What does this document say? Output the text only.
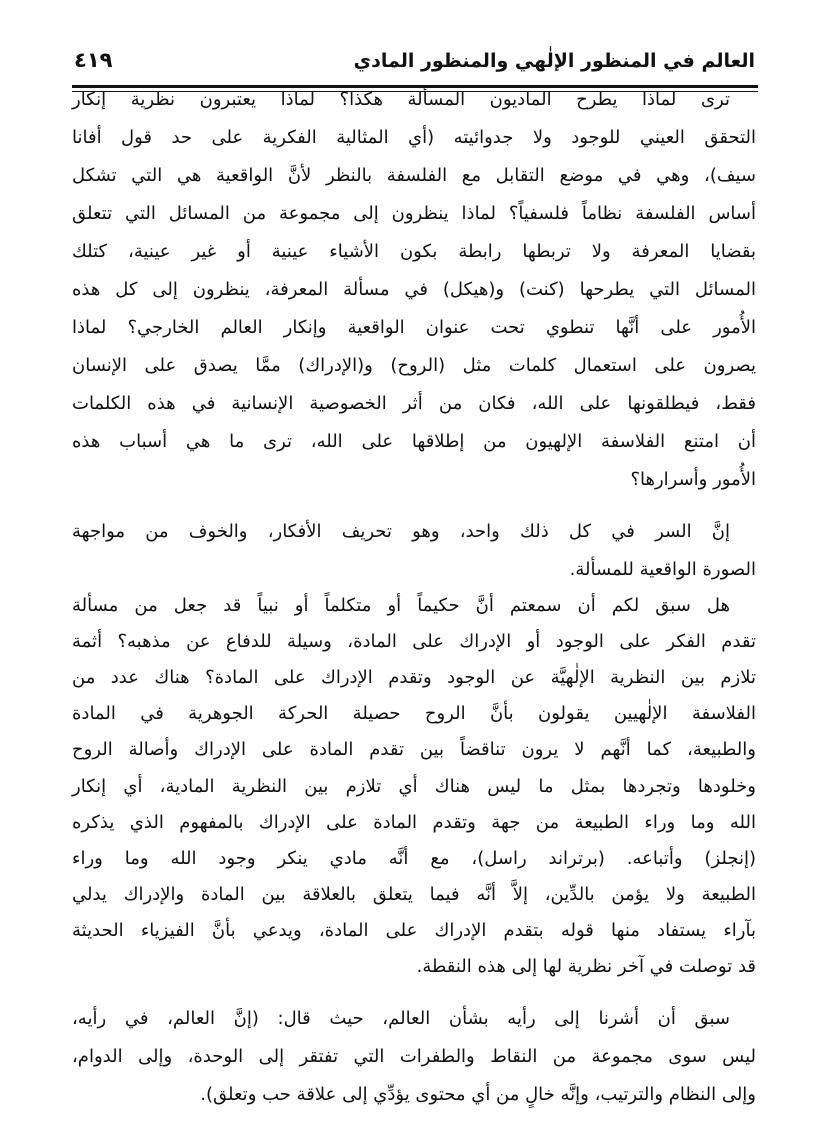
العالم في المنظور الإلٰهي والمنظور المادي
٤١٩
ترى لماذا يطرح الماديون المسألة هكذا؟ لماذا يعتبرون نظرية إنكار
التحقق العيني للوجود ولا جدوائيته (أي المثالية الفكرية على حد قول أفانا
سيف)، وهي في موضع التقابل مع الفلسفة بالنظر لأنَّ الواقعية هي التي تشكل
أساس الفلسفة نظاماً فلسفياً؟ لماذا ينظرون إلى مجموعة من المسائل التي تتعلق
بقضايا المعرفة ولا تربطها رابطة بكون الأشياء عينية أو غير عينية، كتلك
المسائل التي يطرحها (كنت) و(هيكل) في مسألة المعرفة، ينظرون إلى كل هذه
الأُمور على أنَّها تنطوي تحت عنوان الواقعية وإنكار العالم الخارجي؟ لماذا
يصرون على استعمال كلمات مثل (الروح) و(الإدراك) ممَّا يصدق على الإنسان
فقط، فيطلقونها على الله، فكان من أثر الخصوصية الإنسانية في هذه الكلمات
أن امتنع الفلاسفة الإلهيون من إطلاقها على الله، ترى ما هي أسباب هذه
الأُمور وأسرارها؟
إنَّ السر في كل ذلك واحد، وهو تحريف الأفكار، والخوف من مواجهة
الصورة الواقعية للمسألة.
هل سبق لكم أن سمعتم أنَّ حكيماً أو متكلماً أو نبياً قد جعل من مسألة
تقدم الفكر على الوجود أو الإدراك على المادة، وسيلة للدفاع عن مذهبه؟ أثمة
تلازم بين النظرية الإلٰهيَّة عن الوجود وتقدم الإدراك على المادة؟ هناك عدد من
الفلاسفة الإلٰهيين يقولون بأنَّ الروح حصيلة الحركة الجوهرية في المادة
والطبيعة، كما أنَّهم لا يرون تناقضاً بين تقدم المادة على الإدراك وأصالة الروح
وخلودها وتجردها بمثل ما ليس هناك أي تلازم بين النظرية المادية، أي إنكار
الله وما وراء الطبيعة من جهة وتقدم المادة على الإدراك بالمفهوم الذي يذكره
(إنجلز) وأتباعه. (برتراند راسل)، مع أنَّه مادي ينكر وجود الله وما وراء
الطبيعة ولا يؤمن بالدِّين، إلاَّ أنَّه فيما يتعلق بالعلاقة بين المادة والإدراك يدلي
بآراء يستفاد منها قوله بتقدم الإدراك على المادة، ويدعي بأنَّ الفيزياء الحديثة
قد توصلت في آخر نظرية لها إلى هذه النقطة.
سبق أن أشرنا إلى رأيه بشأن العالم، حيث قال: (إنَّ العالم، في رأيه،
ليس سوى مجموعة من النقاط والطفرات التي تفتقر إلى الوحدة، وإلى الدوام،
وإلى النظام والترتيب، وإنَّه خالٍ من أي محتوى يؤدِّي إلى علاقة حب وتعلق).
